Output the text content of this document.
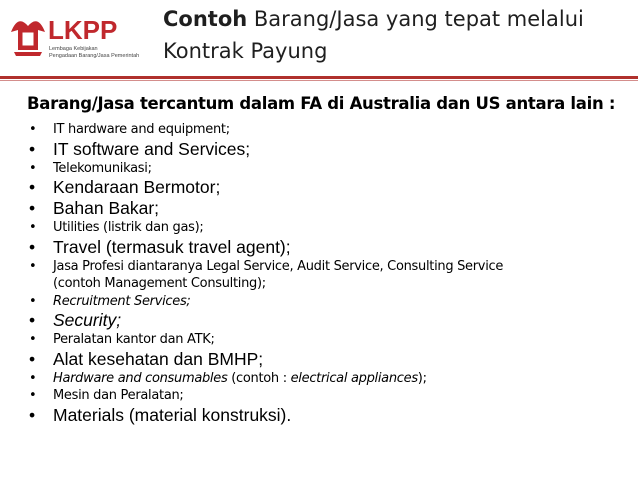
LKPP
Lembaga Kebijakan
Pengadaan Barang/Jasa Pemerintah
Contoh Barang/Jasa yang tepat melalui
Kontrak Payung
Barang/Jasa tercantum dalam FA di Australia dan US antara lain :
• IT hardware and equipment;
• IT software and Services;
• Telekomunikasi;
• Kendaraan Bermotor;
• Bahan Bakar;
• Utilities (listrik dan gas);
• Travel (termasuk travel agent);
• Jasa Profesi diantaranya Legal Service, Audit Service, Consulting Service
(contoh Management Consulting);
• Recruitment Services;
• Security;
• Peralatan kantor dan ATK;
• Alat kesehatan dan BMHP;
• Hardware and consumables (contoh : electrical appliances);
• Mesin dan Peralatan;
• Materials (material konstruksi).
